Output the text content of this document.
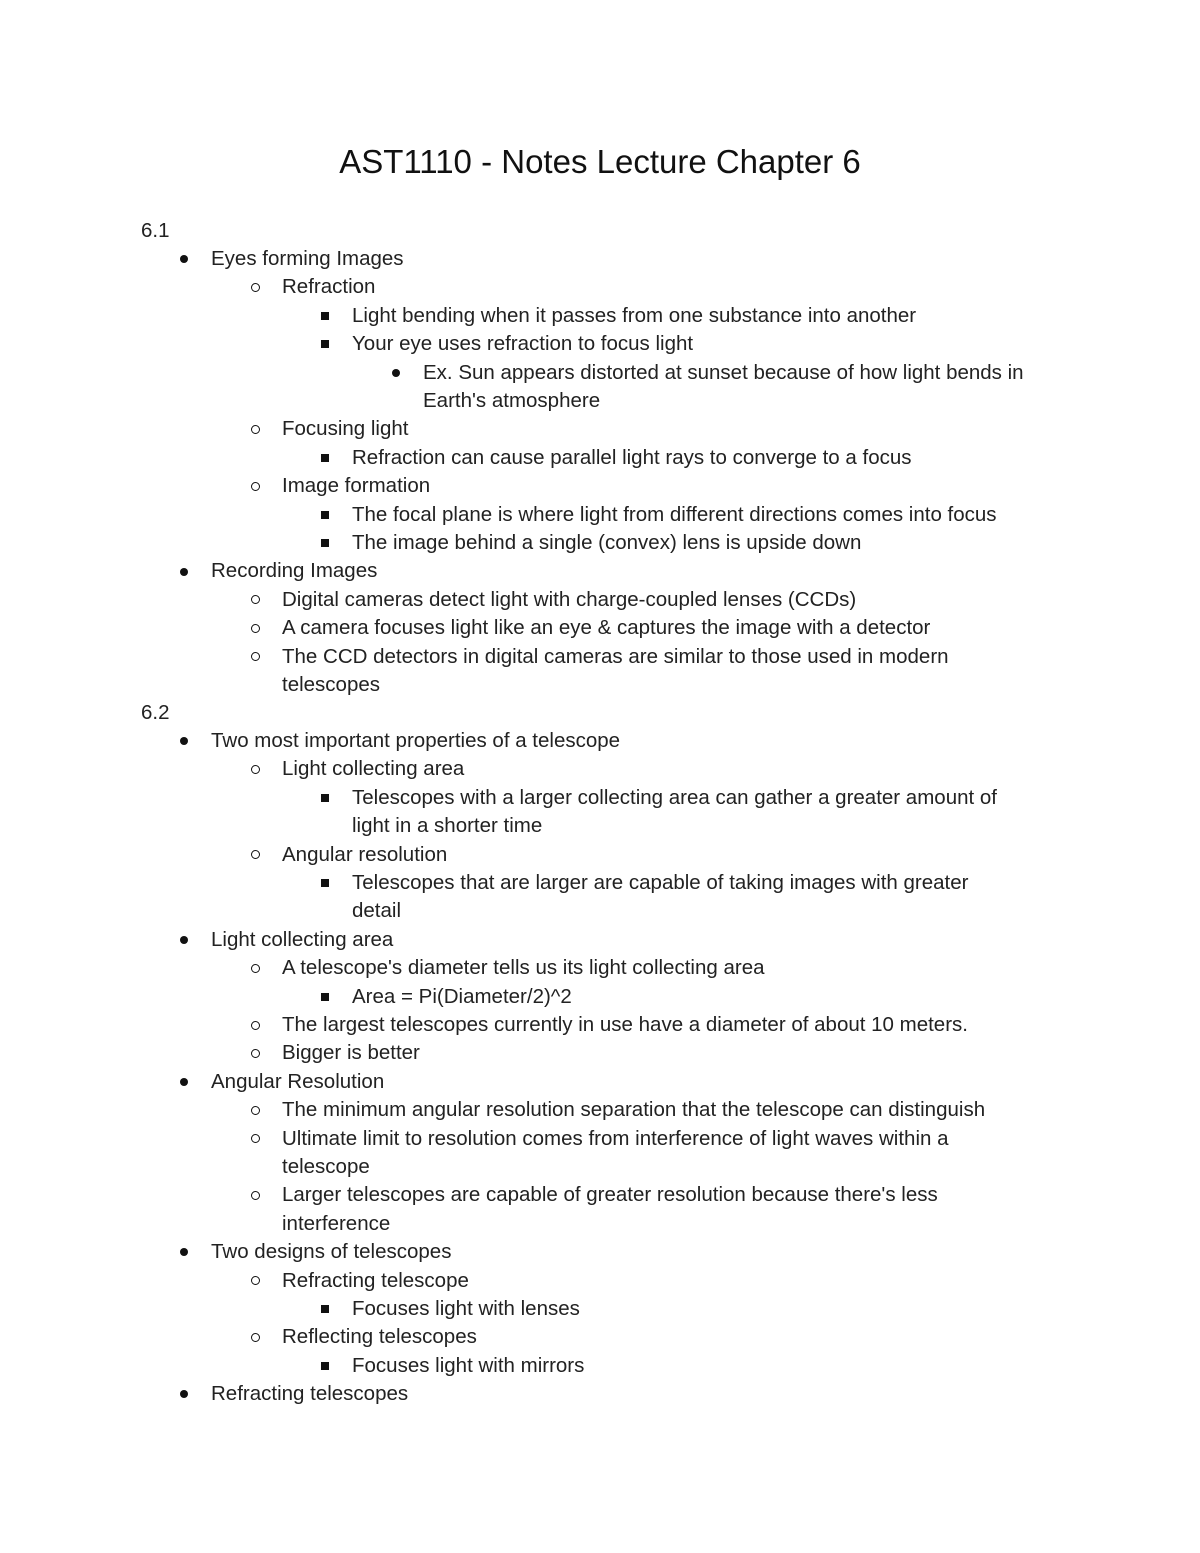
AST1110 - Notes Lecture Chapter 6
6.1
6.2
Eyes forming Images
Refraction
Light bending when it passes from one substance into another
Your eye uses refraction to focus light
Ex. Sun appears distorted at sunset because of how light bends in
Earth's atmosphere
Focusing light
Refraction can cause parallel light rays to converge to a focus
Image formation
The focal plane is where light from different directions comes into focus
The image behind a single (convex) lens is upside down
Recording Images
Digital cameras detect light with charge-coupled lenses (CCDs)
A camera focuses light like an eye & captures the image with a detector
The CCD detectors in digital cameras are similar to those used in modern
telescopes
Two most important properties of a telescope
Light collecting area
Telescopes with a larger collecting area can gather a greater amount of
light in a shorter time
Angular resolution
Telescopes that are larger are capable of taking images with greater
detail
Light collecting area
A telescope's diameter tells us its light collecting area
Area = Pi(Diameter/2)^2
The largest telescopes currently in use have a diameter of about 10 meters.
Bigger is better
Angular Resolution
The minimum angular resolution separation that the telescope can distinguish
Ultimate limit to resolution comes from interference of light waves within a
telescope
Larger telescopes are capable of greater resolution because there's less
interference
Two designs of telescopes
Refracting telescope
Focuses light with lenses
Reflecting telescopes
Focuses light with mirrors
Refracting telescopes
